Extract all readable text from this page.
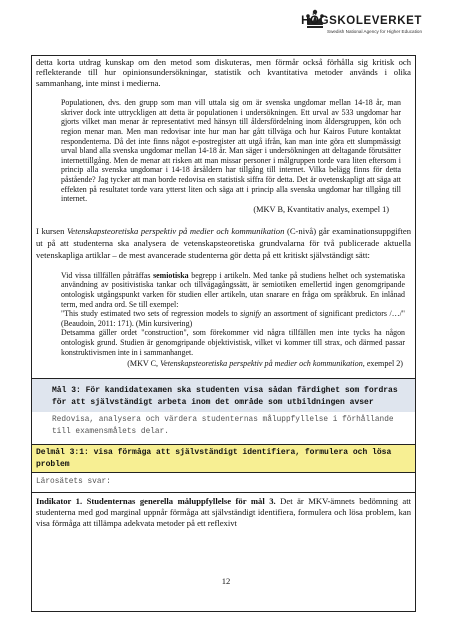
HÖGSKOLEVERKET
Swedish National Agency for Higher Education

detta korta utdrag kunskap om den metod som diskuteras, men förmår också förhålla sig kritisk och reflekterande till hur opinionsundersökningar, statistik och kvantitativa metoder används i olika sammanhang, inte minst i medierna.

Populationen, dvs. den grupp som man vill uttala sig om är svenska ungdomar mellan 14-18 år, man skriver dock inte uttryckligen att detta är populationen i undersökningen. Ett urval av 533 ungdomar har gjorts vilket man menar är representativt med hänsyn till åldersfördelning inom åldersgruppen, kön och region menar man. Men man redovisar inte hur man har gått tillväga och hur Kairos Future kontaktat respondenterna. Då det inte finns något e-postregister att utgå ifrån, kan man inte göra ett slumpmässigt urval bland alla svenska ungdomar mellan 14-18 år. Man säger i undersökningen att deltagande förutsätter internettillgång. Men de menar att risken att man missar personer i målgruppen torde vara liten eftersom i princip alla svenska ungdomar i 14-18 årsåldern har tillgång till internet. Vilka belägg finns för detta påstående? Jag tycker att man borde redovisa en statistisk siffra för detta. Det är ovetenskapligt att säga att effekten på resultatet torde vara ytterst liten och säga att i princip alla svenska ungdomar har tillgång till internet.

(MKV B, Kvantitativ analys, exempel 1)

I kursen Vetenskapsteoretiska perspektiv på medier och kommunikation (C-nivå) går examinationsuppgiften ut på att studenterna ska analysera de vetenskapsteoretiska grundvalarna för två publicerade aktuella vetenskapliga artiklar – de mest avancerade studenterna gör detta på ett kritiskt självständigt sätt:

Vid vissa tillfällen påträffas semiotiska begrepp i artikeln. Med tanke på studiens helhet och systematiska användning av positivistiska tankar och tillvägagångssätt, är semiotiken emellertid ingen genomgripande ontologisk utgångspunkt varken för studien eller artikeln, utan snarare en fråga om språkbruk. En inlånad term, med andra ord. Se till exempel:

"This study estimated two sets of regression models to signify an assortment of significant predictors /…/" (Beaudoin, 2011: 171). (Min kursivering)

Detsamma gäller ordet "construction", som förekommer vid några tillfällen men inte tycks ha någon ontologisk grund. Studien är genomgripande objektivistisk, vilket vi kommer till strax, och därmed passar konstruktivismen inte in i sammanhanget.

(MKV C, Vetenskapsteoretiska perspektiv på medier och kommunikation, exempel 2)

Mål 3: För kandidatexamen ska studenten visa sådan färdighet som fordras för att självständigt arbeta inom det område som utbildningen avser
Redovisa, analysera och värdera studenternas måluppfyllelse i förhållande till examensmålets delar.
Delmål 3:1: visa förmåga att självständigt identifiera, formulera och lösa problem
Lärosätets svar:

Indikator 1. Studenternas generella måluppfyllelse för mål 3. Det är MKV-ämnets bedömning att studenterna med god marginal uppnår förmåga att självständigt identifiera, formulera och lösa problem, kan visa förmåga att tillämpa adekvata metoder på ett reflexivt

12
